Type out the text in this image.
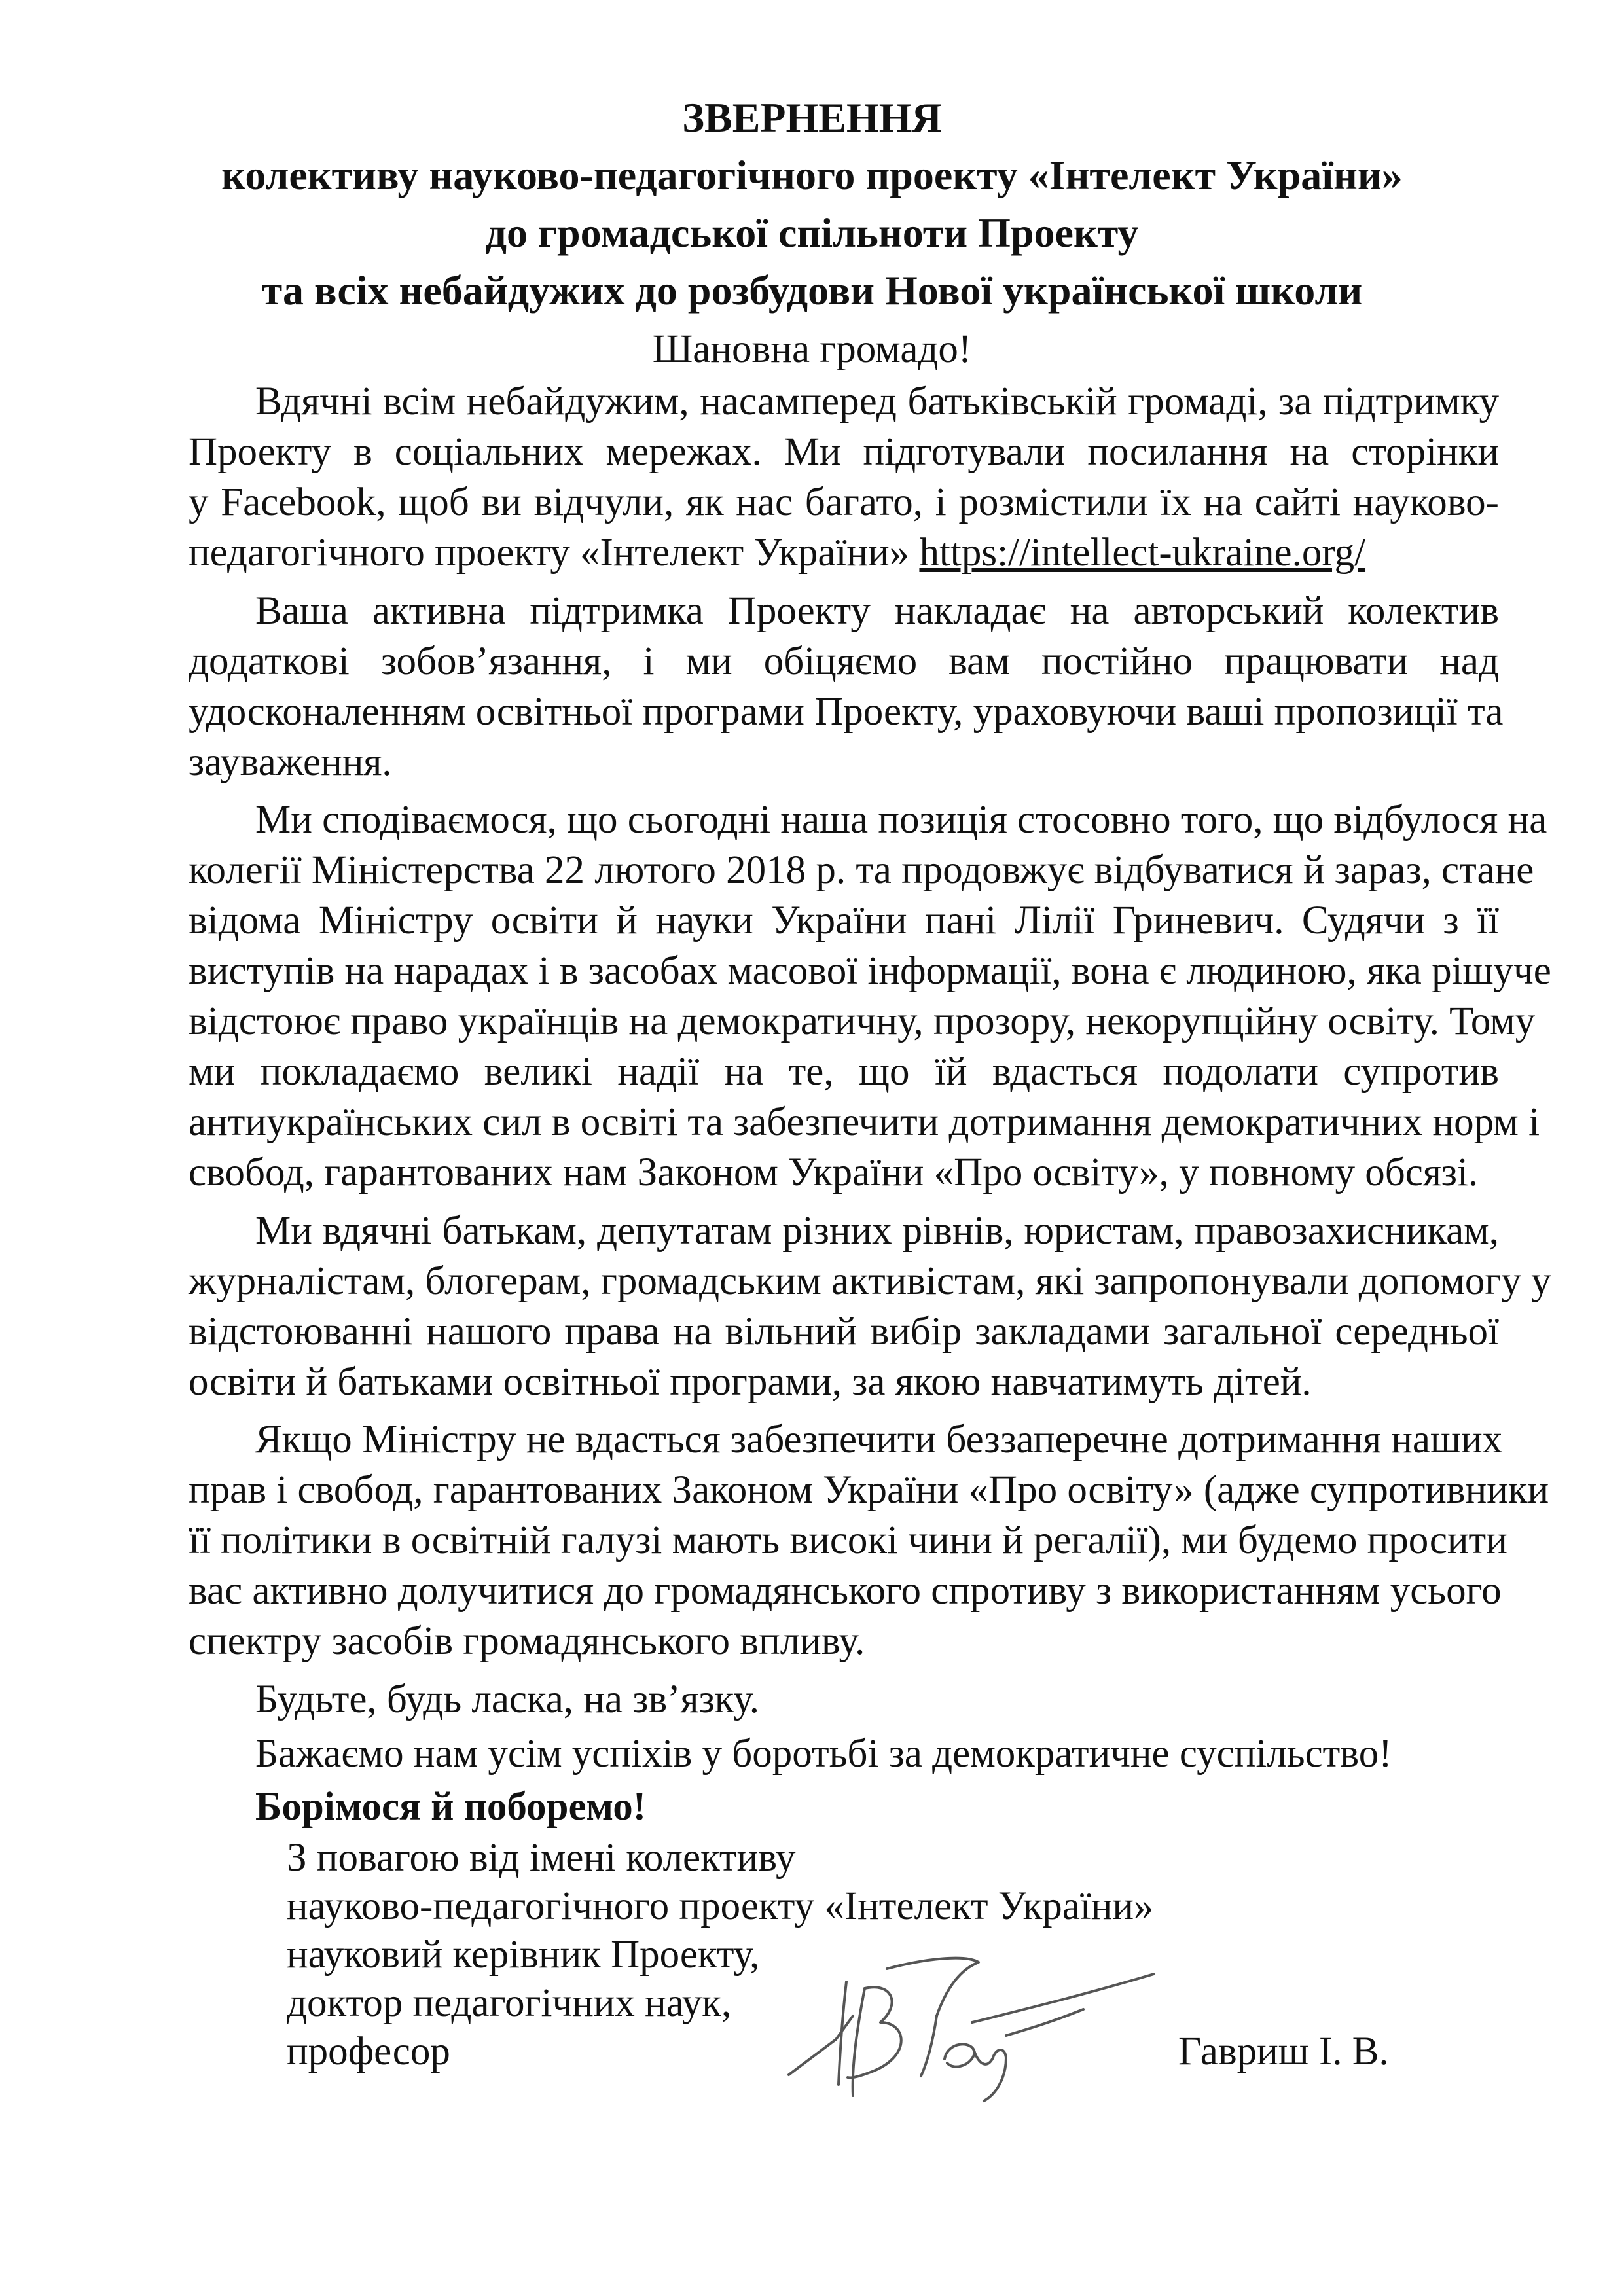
ЗВЕРНЕННЯ
колективу науково-педагогічного проекту «Інтелект України»
до громадської спільноти Проекту
та всіх небайдужих до розбудови Нової української школи
Шановна громадо!
Вдячні всім небайдужим, насамперед батьківській громаді, за підтримку
Проекту в соціальних мережах. Ми підготували посилання на сторінки
у Facebook, щоб ви відчули, як нас багато, і розмістили їх на сайті науково-
педагогічного проекту «Інтелект України» https://intellect-ukraine.org/
Ваша активна підтримка Проекту накладає на авторський колектив
додаткові зобов’язання, і ми обіцяємо вам постійно працювати над
удосконаленням освітньої програми Проекту, ураховуючи ваші пропозиції та
зауваження.
Ми сподіваємося, що сьогодні наша позиція стосовно того, що відбулося на
колегії Міністерства 22 лютого 2018 р. та продовжує відбуватися й зараз, стане
відома Міністру освіти й науки України пані Лілії Гриневич. Судячи з її
виступів на нарадах і в засобах масової інформації, вона є людиною, яка рішуче
відстоює право українців на демократичну, прозору, некорупційну освіту. Тому
ми покладаємо великі надії на те, що їй вдасться подолати супротив
антиукраїнських сил в освіті та забезпечити дотримання демократичних норм і
свобод, гарантованих нам Законом України «Про освіту», у повному обсязі.
Ми вдячні батькам, депутатам різних рівнів, юристам, правозахисникам,
журналістам, блогерам, громадським активістам, які запропонували допомогу у
відстоюванні нашого права на вільний вибір закладами загальної середньої
освіти й батьками освітньої програми, за якою навчатимуть дітей.
Якщо Міністру не вдасться забезпечити беззаперечне дотримання наших
прав і свобод, гарантованих Законом України «Про освіту» (адже супротивники
її політики в освітній галузі мають високі чини й регалії), ми будемо просити
вас активно долучитися до громадянського спротиву з використанням усього
спектру засобів громадянського впливу.
Будьте, будь ласка, на зв’язку.
Бажаємо нам усім успіхів у боротьбі за демократичне суспільство!
Борімося й поборемо!
З повагою від імені колективу
науково-педагогічного проекту «Інтелект України»
науковий керівник Проекту,
доктор педагогічних наук,
професор	Гавриш І. В.
